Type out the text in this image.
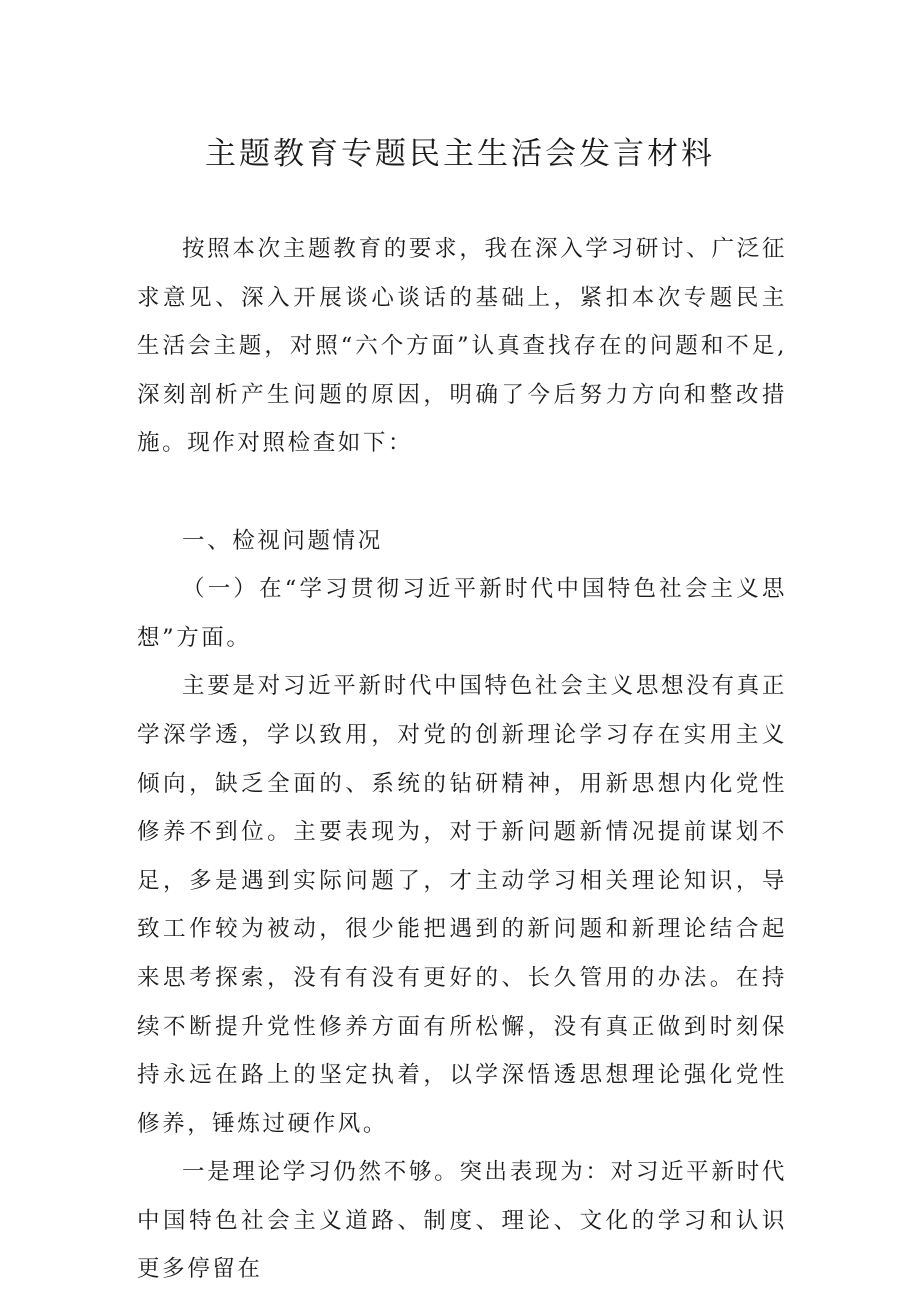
主题教育专题民主生活会发言材料

按照本次主题教育的要求，我在深入学习研讨、广泛征求意见、深入开展谈心谈话的基础上，紧扣本次专题民主生活会主题，对照“六个方面”认真查找存在的问题和不足,深刻剖析产生问题的原因，明确了今后努力方向和整改措施。现作对照检查如下：

一、检视问题情况

（一）在“学习贯彻习近平新时代中国特色社会主义思想”方面。

主要是对习近平新时代中国特色社会主义思想没有真正学深学透，学以致用，对党的创新理论学习存在实用主义倾向，缺乏全面的、系统的钻研精神，用新思想内化党性修养不到位。主要表现为，对于新问题新情况提前谋划不足，多是遇到实际问题了，才主动学习相关理论知识，导致工作较为被动，很少能把遇到的新问题和新理论结合起来思考探索，没有有没有更好的、长久管用的办法。在持续不断提升党性修养方面有所松懈，没有真正做到时刻保持永远在路上的坚定执着，以学深悟透思想理论强化党性修养，锤炼过硬作风。

一是理论学习仍然不够。突出表现为：对习近平新时代中国特色社会主义道路、制度、理论、文化的学习和认识更多停留在
